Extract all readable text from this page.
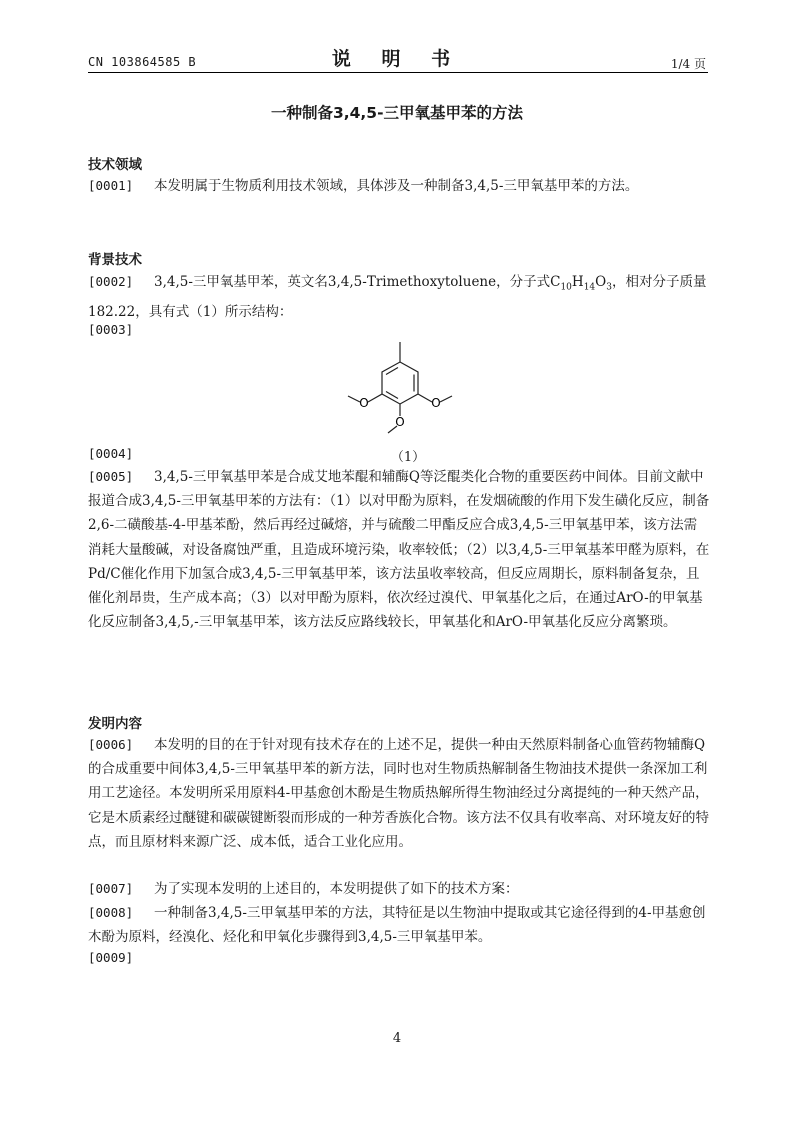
CN 103864585 B	说 明 书	1/4 页
一种制备3,4,5-三甲氧基甲苯的方法
技术领域
[0001] 本发明属于生物质利用技术领域，具体涉及一种制备3,4,5-三甲氧基甲苯的方法。
背景技术
[0002] 3,4,5-三甲氧基甲苯，英文名3,4,5-Trimethoxytoluene，分子式$C_{10}H_{14}O_3$，相对分子质量182.22，具有式（1）所示结构：
[0003]
O	O
O
[0004]	（1）
[0005] 3,4,5-三甲氧基甲苯是合成艾地苯醌和辅酶Q等泛醌类化合物的重要医药中间体。目前文献中报道合成3,4,5-三甲氧基甲苯的方法有：（1）以对甲酚为原料，在发烟硫酸的作用下发生磺化反应，制备2,6-二磺酸基-4-甲基苯酚，然后再经过碱熔，并与硫酸二甲酯反应合成3,4,5-三甲氧基甲苯，该方法需消耗大量酸碱，对设备腐蚀严重，且造成环境污染，收率较低；（2）以3,4,5-三甲氧基苯甲醛为原料，在Pd/C催化作用下加氢合成3,4,5-三甲氧基甲苯，该方法虽收率较高，但反应周期长，原料制备复杂，且催化剂昂贵，生产成本高；（3）以对甲酚为原料，依次经过溴代、甲氧基化之后，在通过ArO-的甲氧基化反应制备3,4,5,-三甲氧基甲苯，该方法反应路线较长，甲氧基化和ArO-甲氧基化反应分离繁琐。
发明内容
[0006] 本发明的目的在于针对现有技术存在的上述不足，提供一种由天然原料制备心血管药物辅酶Q的合成重要中间体3,4,5-三甲氧基甲苯的新方法，同时也对生物质热解制备生物油技术提供一条深加工利用工艺途径。本发明所采用原料4-甲基愈创木酚是生物质热解所得生物油经过分离提纯的一种天然产品，它是木质素经过醚键和碳碳键断裂而形成的一种芳香族化合物。该方法不仅具有收率高、对环境友好的特点，而且原材料来源广泛、成本低，适合工业化应用。
[0007] 为了实现本发明的上述目的，本发明提供了如下的技术方案：
[0008] 一种制备3,4,5-三甲氧基甲苯的方法，其特征是以生物油中提取或其它途径得到的4-甲基愈创木酚为原料，经溴化、烃化和甲氧化步骤得到3,4,5-三甲氧基甲苯。
[0009]
4
